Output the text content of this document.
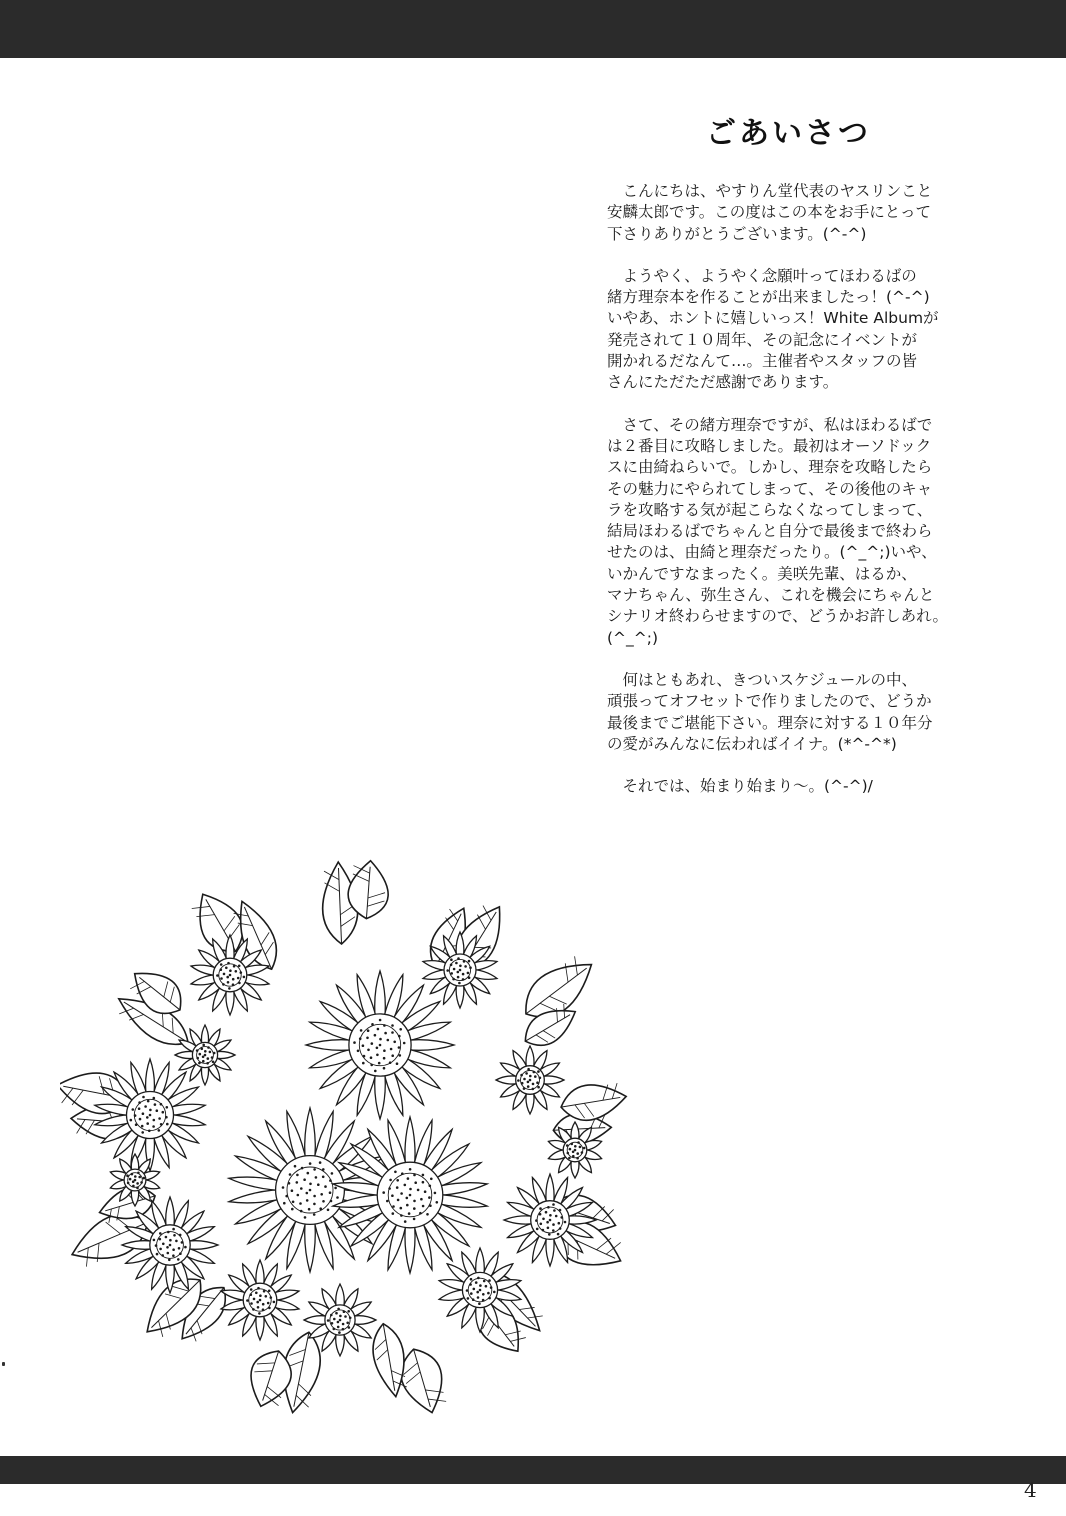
ごあいさつ
　こんにちは、やすりん堂代表のヤスリンこと
安麟太郎です。この度はこの本をお手にとって
下さりありがとうございます。(^-^)
　ようやく、ようやく念願叶ってほわるばの
緒方理奈本を作ることが出来ましたっ！(^-^)
いやあ、ホントに嬉しいっス！White Albumが
発売されて１０周年、その記念にイベントが
開かれるだなんて…。主催者やスタッフの皆
さんにただただ感謝であります。
　さて、その緒方理奈ですが、私はほわるばで
は２番目に攻略しました。最初はオーソドック
スに由綺ねらいで。しかし、理奈を攻略したら
その魅力にやられてしまって、その後他のキャ
ラを攻略する気が起こらなくなってしまって、
結局ほわるばでちゃんと自分で最後まで終わら
せたのは、由綺と理奈だったり。(^_^;)いや、
いかんですなまったく。美咲先輩、はるか、
マナちゃん、弥生さん、これを機会にちゃんと
シナリオ終わらせますので、どうかお許しあれ。
(^_^;)
　何はともあれ、きついスケジュールの中、
頑張ってオフセットで作りましたので、どうか
最後までご堪能下さい。理奈に対する１０年分
の愛がみんなに伝わればイイナ。(*^-^*)
　それでは、始まり始まり～。(^-^)/
4
